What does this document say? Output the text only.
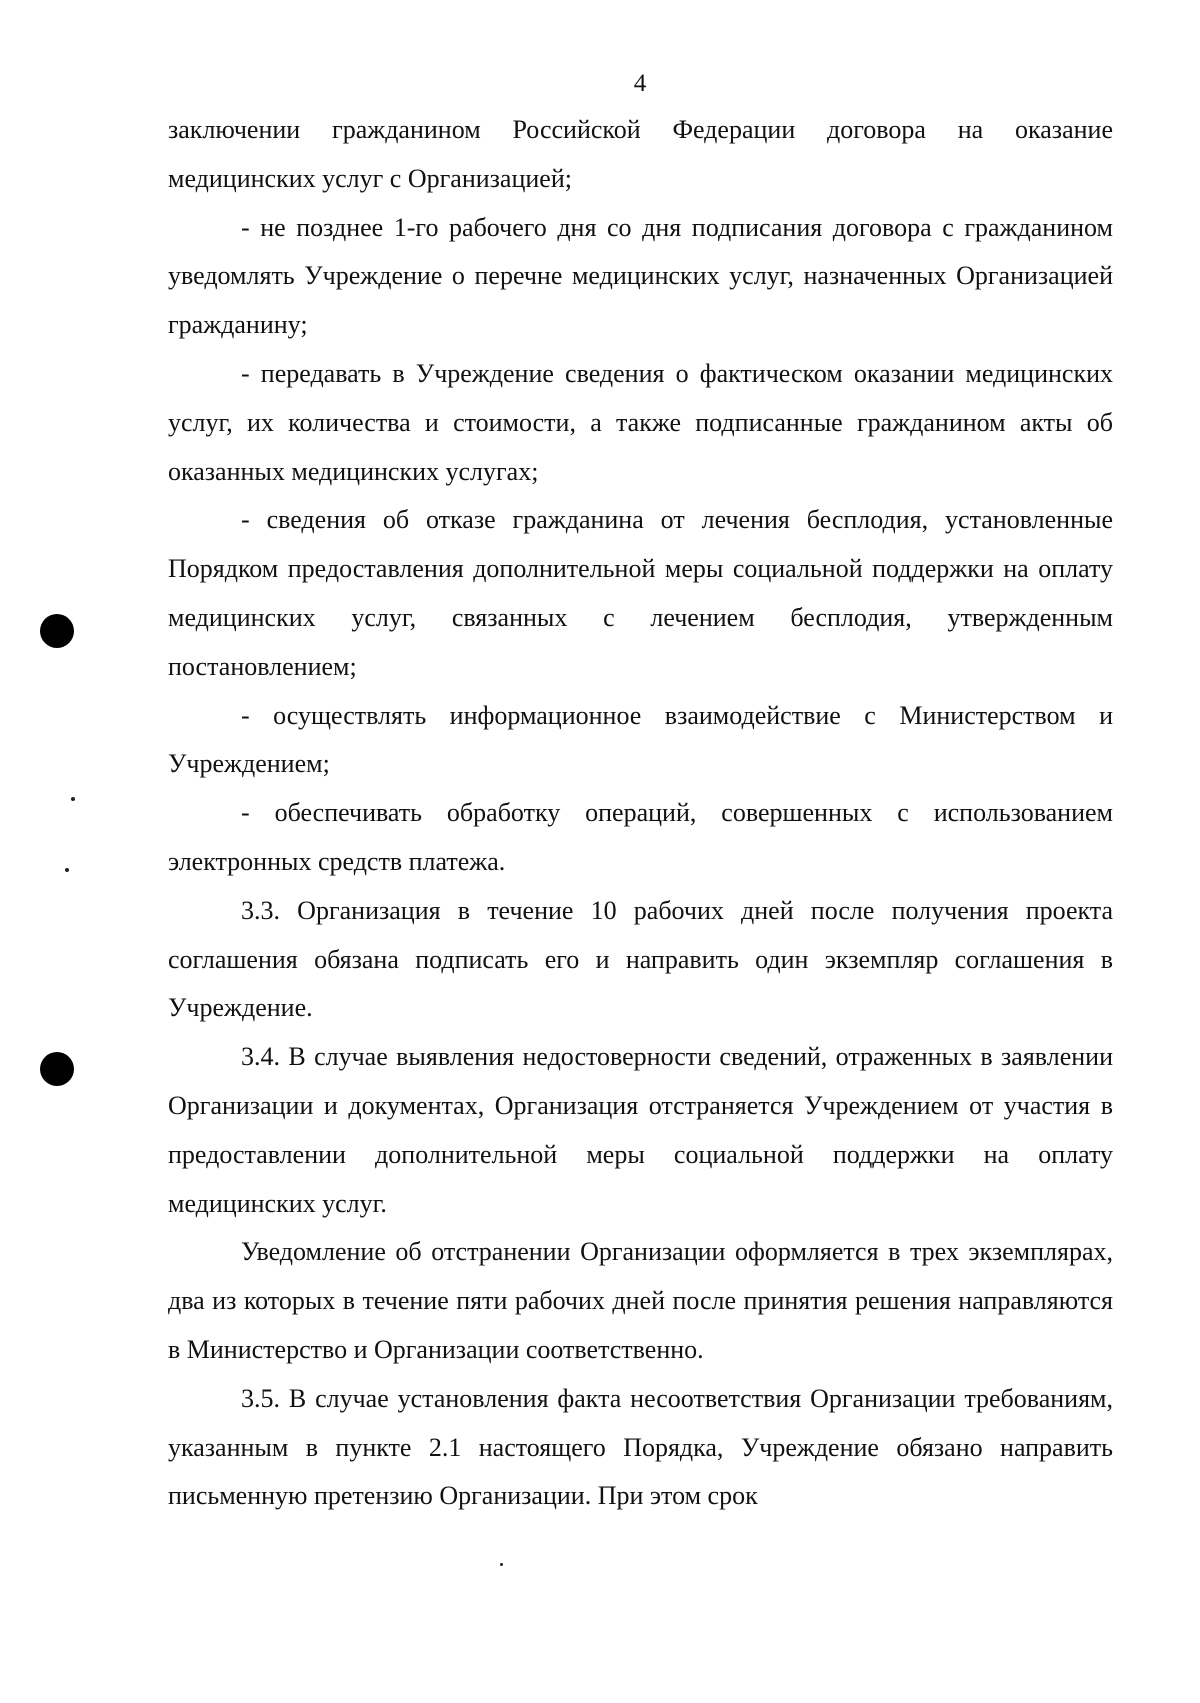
4

заключении гражданином Российской Федерации договора на оказание медицинских услуг с Организацией;

- не позднее 1-го рабочего дня со дня подписания договора с гражданином уведомлять Учреждение о перечне медицинских услуг, назначенных Организацией гражданину;

- передавать в Учреждение сведения о фактическом оказании медицинских услуг, их количества и стоимости, а также подписанные гражданином акты об оказанных медицинских услугах;

- сведения об отказе гражданина от лечения бесплодия, установленные Порядком предоставления дополнительной меры социальной поддержки на оплату медицинских услуг, связанных с лечением бесплодия, утвержденным постановлением;

- осуществлять информационное взаимодействие с Министерством и Учреждением;

- обеспечивать обработку операций, совершенных с использованием электронных средств платежа.

3.3. Организация в течение 10 рабочих дней после получения проекта соглашения обязана подписать его и направить один экземпляр соглашения в Учреждение.

3.4. В случае выявления недостоверности сведений, отраженных в заявлении Организации и документах, Организация отстраняется Учреждением от участия в предоставлении дополнительной меры социальной поддержки на оплату медицинских услуг.

Уведомление об отстранении Организации оформляется в трех экземплярах, два из которых в течение пяти рабочих дней после принятия решения направляются в Министерство и Организации соответственно.

3.5. В случае установления факта несоответствия Организации требованиям, указанным в пункте 2.1 настоящего Порядка, Учреждение обязано направить письменную претензию Организации. При этом срок
